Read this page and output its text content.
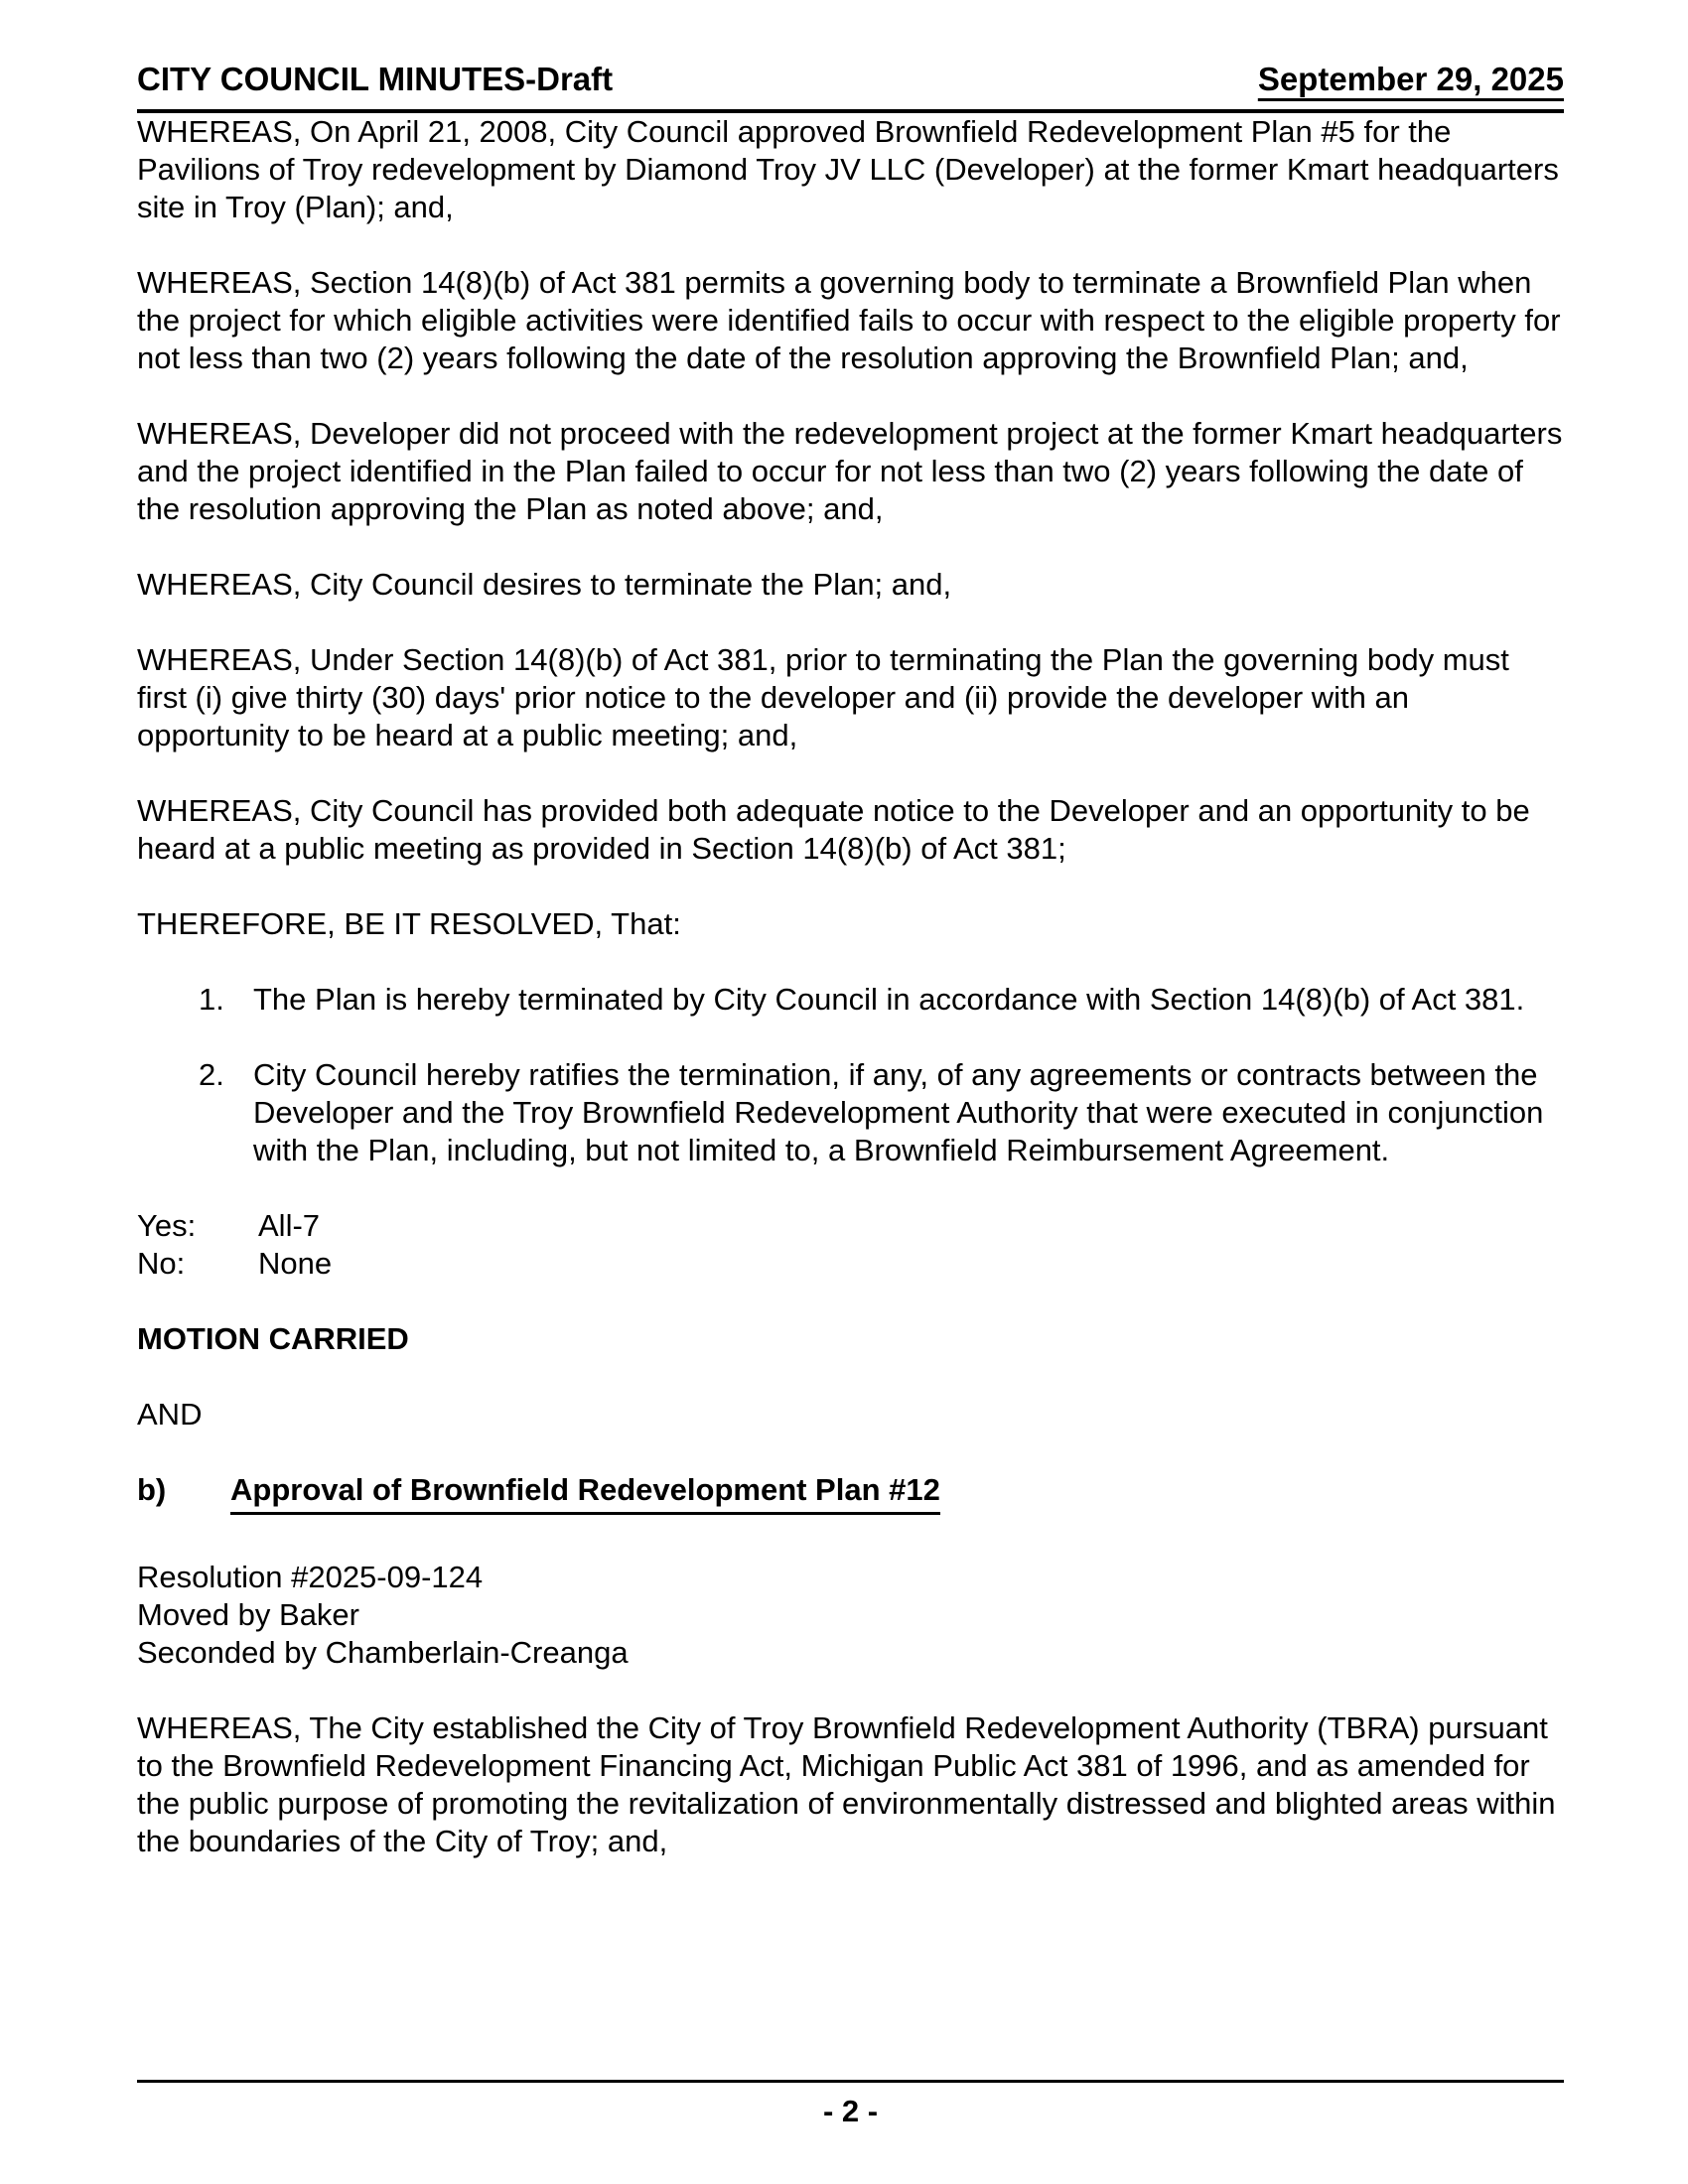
CITY COUNCIL MINUTES-Draft	September 29, 2025

WHEREAS, On April 21, 2008, City Council approved Brownfield Redevelopment Plan #5 for the Pavilions of Troy redevelopment by Diamond Troy JV LLC (Developer) at the former Kmart headquarters site in Troy (Plan); and,

WHEREAS, Section 14(8)(b) of Act 381 permits a governing body to terminate a Brownfield Plan when the project for which eligible activities were identified fails to occur with respect to the eligible property for not less than two (2) years following the date of the resolution approving the Brownfield Plan; and,

WHEREAS, Developer did not proceed with the redevelopment project at the former Kmart headquarters and the project identified in the Plan failed to occur for not less than two (2) years following the date of the resolution approving the Plan as noted above; and,

WHEREAS, City Council desires to terminate the Plan; and,

WHEREAS, Under Section 14(8)(b) of Act 381, prior to terminating the Plan the governing body must first (i) give thirty (30) days' prior notice to the developer and (ii) provide the developer with an opportunity to be heard at a public meeting; and,

WHEREAS, City Council has provided both adequate notice to the Developer and an opportunity to be heard at a public meeting as provided in Section 14(8)(b) of Act 381;

THEREFORE, BE IT RESOLVED, That:

1. The Plan is hereby terminated by City Council in accordance with Section 14(8)(b) of Act 381.
2. City Council hereby ratifies the termination, if any, of any agreements or contracts between the Developer and the Troy Brownfield Redevelopment Authority that were executed in conjunction with the Plan, including, but not limited to, a Brownfield Reimbursement Agreement.
Yes:	All-7
No:	None

MOTION CARRIED

AND

b)	Approval of Brownfield Redevelopment Plan #12
Resolution #2025-09-124
Moved by Baker
Seconded by Chamberlain-Creanga

WHEREAS, The City established the City of Troy Brownfield Redevelopment Authority (TBRA) pursuant to the Brownfield Redevelopment Financing Act, Michigan Public Act 381 of 1996, and as amended for the public purpose of promoting the revitalization of environmentally distressed and blighted areas within the boundaries of the City of Troy; and,

- 2 -
